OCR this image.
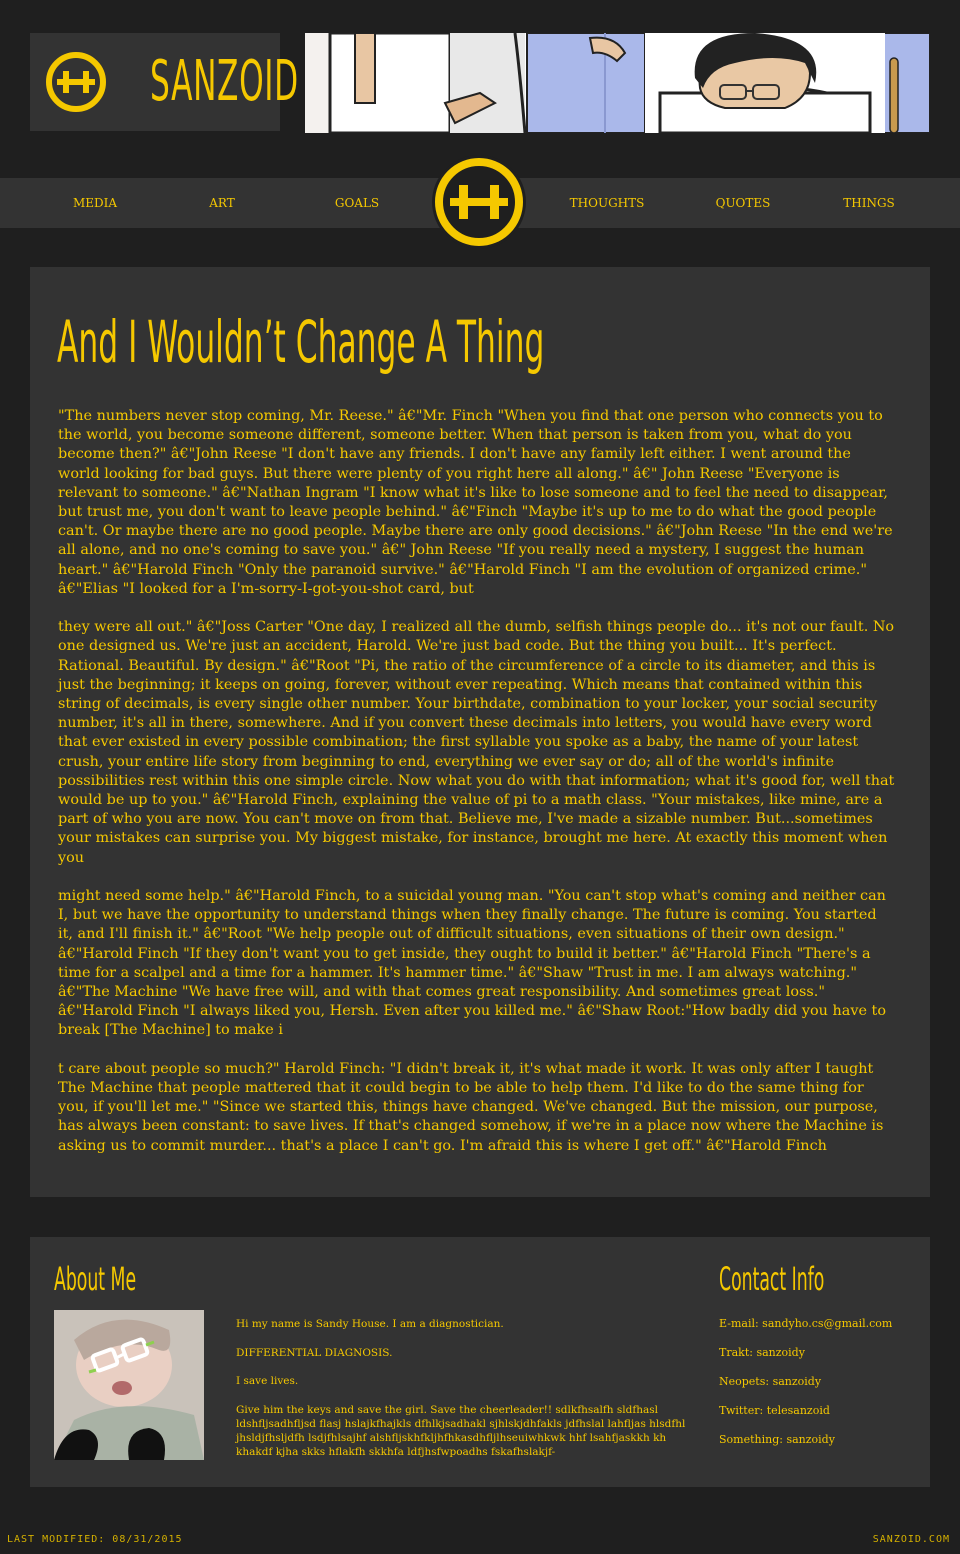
SANZOID
MEDIA	ART	GOALS	THOUGHTS	QUOTES	THINGS
And I Wouldn’t Change A Thing

"The numbers never stop coming, Mr. Reese." â€"Mr. Finch "When you find that one person who connects you to the world, you become someone different, someone better. When that person is taken from you, what do you become then?" â€"John Reese "I don't have any friends. I don't have any family left either. I went around the world looking for bad guys. But there were plenty of you right here all along." â€" John Reese "Everyone is relevant to someone." â€"Nathan Ingram "I know what it's like to lose someone and to feel the need to disappear, but trust me, you don't want to leave people behind." â€"Finch "Maybe it's up to me to do what the good people can't. Or maybe there are no good people. Maybe there are only good decisions." â€"John Reese "In the end we're all alone, and no one's coming to save you." â€" John Reese "If you really need a mystery, I suggest the human heart." â€"Harold Finch "Only the paranoid survive." â€"Harold Finch "I am the evolution of organized crime." â€"Elias "I looked for a I'm-sorry-I-got-you-shot card, but

they were all out." â€"Joss Carter "One day, I realized all the dumb, selfish things people do... it's not our fault. No one designed us. We're just an accident, Harold. We're just bad code. But the thing you built... It's perfect. Rational. Beautiful. By design." â€"Root "Pi, the ratio of the circumference of a circle to its diameter, and this is just the beginning; it keeps on going, forever, without ever repeating. Which means that contained within this string of decimals, is every single other number. Your birthdate, combination to your locker, your social security number, it's all in there, somewhere. And if you convert these decimals into letters, you would have every word that ever existed in every possible combination; the first syllable you spoke as a baby, the name of your latest crush, your entire life story from beginning to end, everything we ever say or do; all of the world's infinite possibilities rest within this one simple circle. Now what you do with that information; what it's good for, well that would be up to you." â€"Harold Finch, explaining the value of pi to a math class. "Your mistakes, like mine, are a part of who you are now. You can't move on from that. Believe me, I've made a sizable number. But...sometimes your mistakes can surprise you. My biggest mistake, for instance, brought me here. At exactly this moment when you

might need some help." â€"Harold Finch, to a suicidal young man. "You can't stop what's coming and neither can I, but we have the opportunity to understand things when they finally change. The future is coming. You started it, and I'll finish it." â€"Root "We help people out of difficult situations, even situations of their own design." â€"Harold Finch "If they don't want you to get inside, they ought to build it better." â€"Harold Finch "There's a time for a scalpel and a time for a hammer. It's hammer time." â€"Shaw "Trust in me. I am always watching." â€"The Machine "We have free will, and with that comes great responsibility. And sometimes great loss." â€"Harold Finch "I always liked you, Hersh. Even after you killed me." â€"Shaw Root:"How badly did you have to break [The Machine] to make i

t care about people so much?" Harold Finch: "I didn't break it, it's what made it work. It was only after I taught The Machine that people mattered that it could begin to be able to help them. I'd like to do the same thing for you, if you'll let me." "Since we started this, things have changed. We've changed. But the mission, our purpose, has always been constant: to save lives. If that's changed somehow, if we're in a place now where the Machine is asking us to commit murder... that's a place I can't go. I'm afraid this is where I get off." â€"Harold Finch

About Me

Hi my name is Sandy House. I am a diagnostician.

DIFFERENTIAL DIAGNOSIS.

I save lives.

Give him the keys and save the girl. Save the cheerleader!! sdlkfhsalfh sldfhasl ldshfljsadhfljsd flasj hslajkfhajkls dfhlkjsadhakl sjhlskjdhfakls jdfhslal lahfljas hlsdfhl jhsldjfhsljdfh lsdjfhlsajhf alshfljskhfkljhfhkasdhfljlhseuiwhkwk hhf lsahfjaskkh kh khakdf kjha skks hflakfh skkhfa ldfjhsfwpoadhs fskafhslakjf-

Contact Info

E-mail: sandyho.cs@gmail.com

Trakt: sanzoidy

Neopets: sanzoidy

Twitter: telesanzoid

Something: sanzoidy

LAST MODIFIED: 08/31/2015	SANZOID.COM
